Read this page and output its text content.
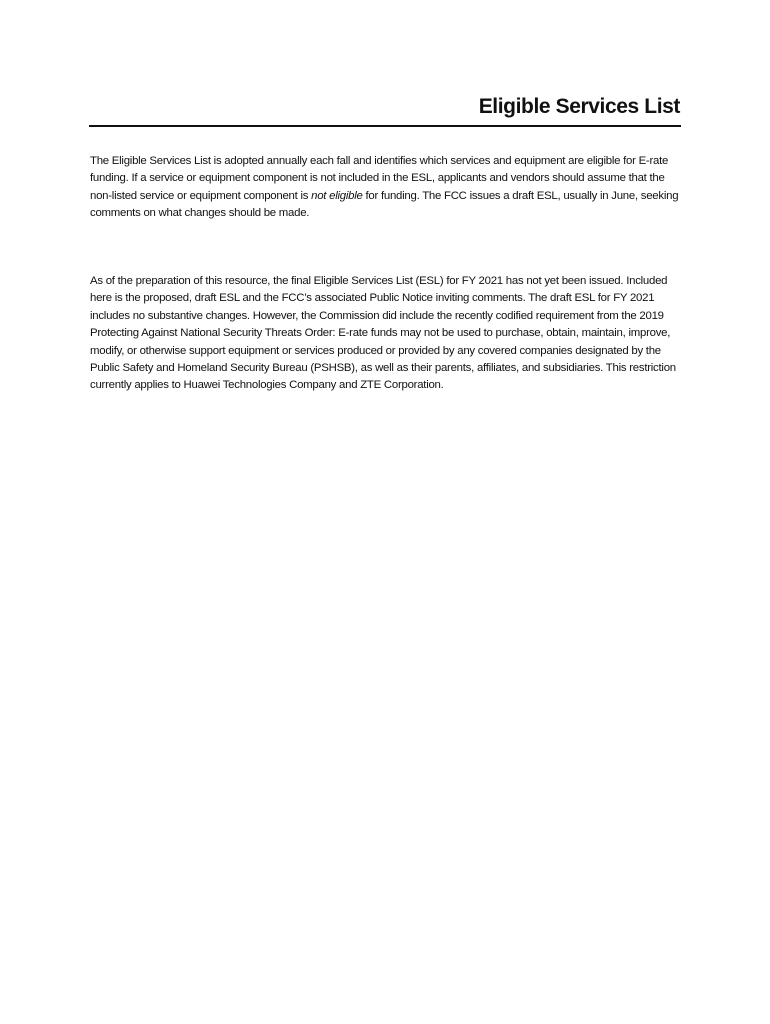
Eligible Services List

The Eligible Services List is adopted annually each fall and identifies which services and equipment are eligible for E-rate funding. If a service or equipment component is not included in the ESL, applicants and vendors should assume that the non-listed service or equipment component is not eligible for funding. The FCC issues a draft ESL, usually in June, seeking comments on what changes should be made.

As of the preparation of this resource, the final Eligible Services List (ESL) for FY 2021 has not yet been issued. Included here is the proposed, draft ESL and the FCC’s associated Public Notice inviting comments. The draft ESL for FY 2021 includes no substantive changes. However, the Commission did include the recently codified requirement from the 2019 Protecting Against National Security Threats Order: E-rate funds may not be used to purchase, obtain, maintain, improve, modify, or otherwise support equipment or services produced or provided by any covered companies designated by the Public Safety and Homeland Security Bureau (PSHSB), as well as their parents, affiliates, and subsidiaries. This restriction currently applies to Huawei Technologies Company and ZTE Corporation.
